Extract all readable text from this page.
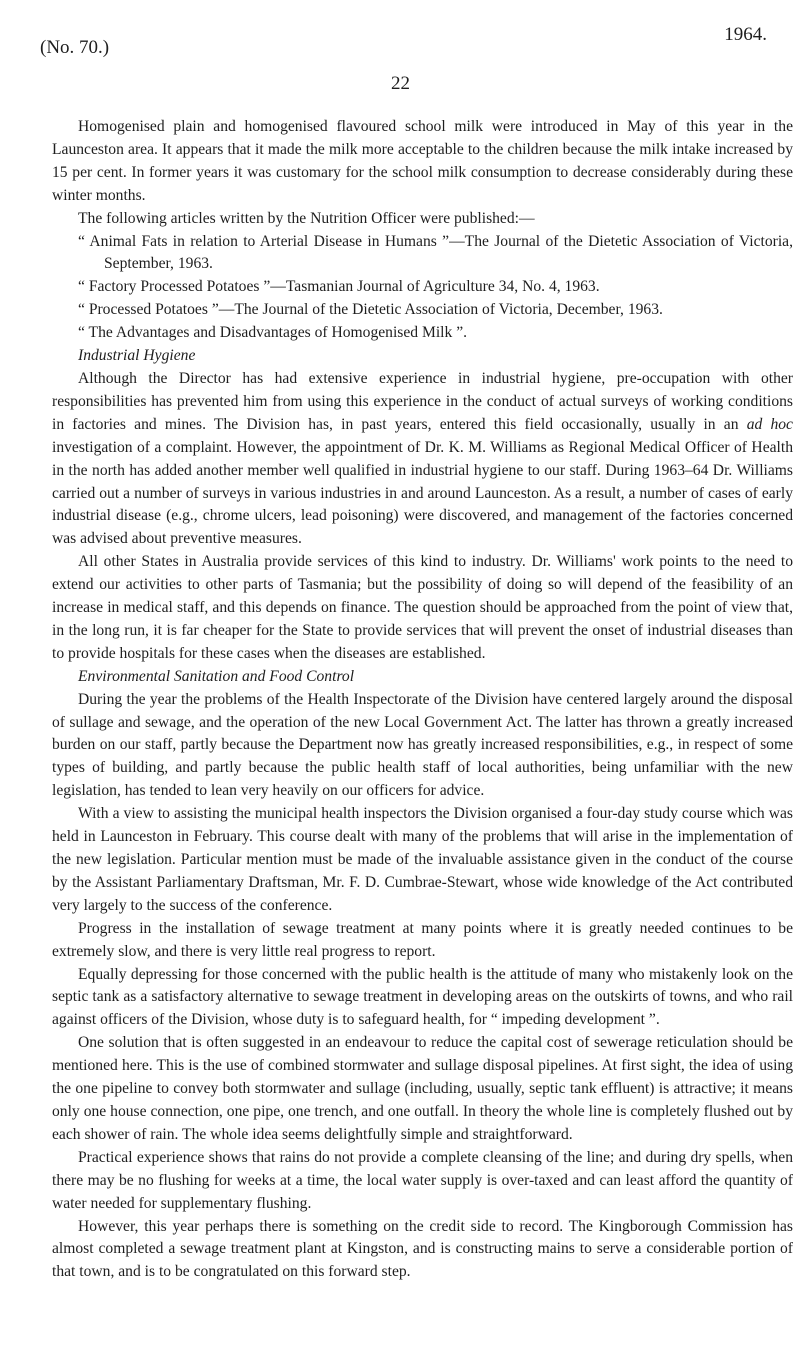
(No. 70.)
22
1964.

Homogenised plain and homogenised flavoured school milk were introduced in May of this year in the Launceston area. It appears that it made the milk more acceptable to the children because the milk intake increased by 15 per cent. In former years it was customary for the school milk consumption to decrease considerably during these winter months.

The following articles written by the Nutrition Officer were published:—

“ Animal Fats in relation to Arterial Disease in Humans ”—The Journal of the Dietetic Association of Victoria, September, 1963.
“ Factory Processed Potatoes ”—Tasmanian Journal of Agriculture 34, No. 4, 1963.
“ Processed Potatoes ”—The Journal of the Dietetic Association of Victoria, December, 1963.
“ The Advantages and Disadvantages of Homogenised Milk ”.

Industrial Hygiene

Although the Director has had extensive experience in industrial hygiene, pre-occupation with other responsibilities has prevented him from using this experience in the conduct of actual surveys of working conditions in factories and mines. The Division has, in past years, entered this field occasionally, usually in an ad hoc investigation of a complaint. However, the appointment of Dr. K. M. Williams as Regional Medical Officer of Health in the north has added another member well qualified in industrial hygiene to our staff. During 1963–64 Dr. Williams carried out a number of surveys in various industries in and around Launceston. As a result, a number of cases of early industrial disease (e.g., chrome ulcers, lead poisoning) were discovered, and management of the factories concerned was advised about preventive measures.

All other States in Australia provide services of this kind to industry. Dr. Williams' work points to the need to extend our activities to other parts of Tasmania; but the possibility of doing so will depend of the feasibility of an increase in medical staff, and this depends on finance. The question should be approached from the point of view that, in the long run, it is far cheaper for the State to provide services that will prevent the onset of industrial diseases than to provide hospitals for these cases when the diseases are established.

Environmental Sanitation and Food Control

During the year the problems of the Health Inspectorate of the Division have centered largely around the disposal of sullage and sewage, and the operation of the new Local Government Act. The latter has thrown a greatly increased burden on our staff, partly because the Department now has greatly increased responsibilities, e.g., in respect of some types of building, and partly because the public health staff of local authorities, being unfamiliar with the new legislation, has tended to lean very heavily on our officers for advice.

With a view to assisting the municipal health inspectors the Division organised a four-day study course which was held in Launceston in February. This course dealt with many of the problems that will arise in the implementation of the new legislation. Particular mention must be made of the invaluable assistance given in the conduct of the course by the Assistant Parliamentary Draftsman, Mr. F. D. Cumbrae-Stewart, whose wide knowledge of the Act contributed very largely to the success of the conference.

Progress in the installation of sewage treatment at many points where it is greatly needed continues to be extremely slow, and there is very little real progress to report.

Equally depressing for those concerned with the public health is the attitude of many who mistakenly look on the septic tank as a satisfactory alternative to sewage treatment in developing areas on the outskirts of towns, and who rail against officers of the Division, whose duty is to safeguard health, for “ impeding development ”.

One solution that is often suggested in an endeavour to reduce the capital cost of sewerage reticulation should be mentioned here. This is the use of combined stormwater and sullage disposal pipelines. At first sight, the idea of using the one pipeline to convey both stormwater and sullage (including, usually, septic tank effluent) is attractive; it means only one house connection, one pipe, one trench, and one outfall. In theory the whole line is completely flushed out by each shower of rain. The whole idea seems delightfully simple and straightforward.

Practical experience shows that rains do not provide a complete cleansing of the line; and during dry spells, when there may be no flushing for weeks at a time, the local water supply is over-taxed and can least afford the quantity of water needed for supplementary flushing.

However, this year perhaps there is something on the credit side to record. The Kingborough Commission has almost completed a sewage treatment plant at Kingston, and is constructing mains to serve a considerable portion of that town, and is to be congratulated on this forward step.
